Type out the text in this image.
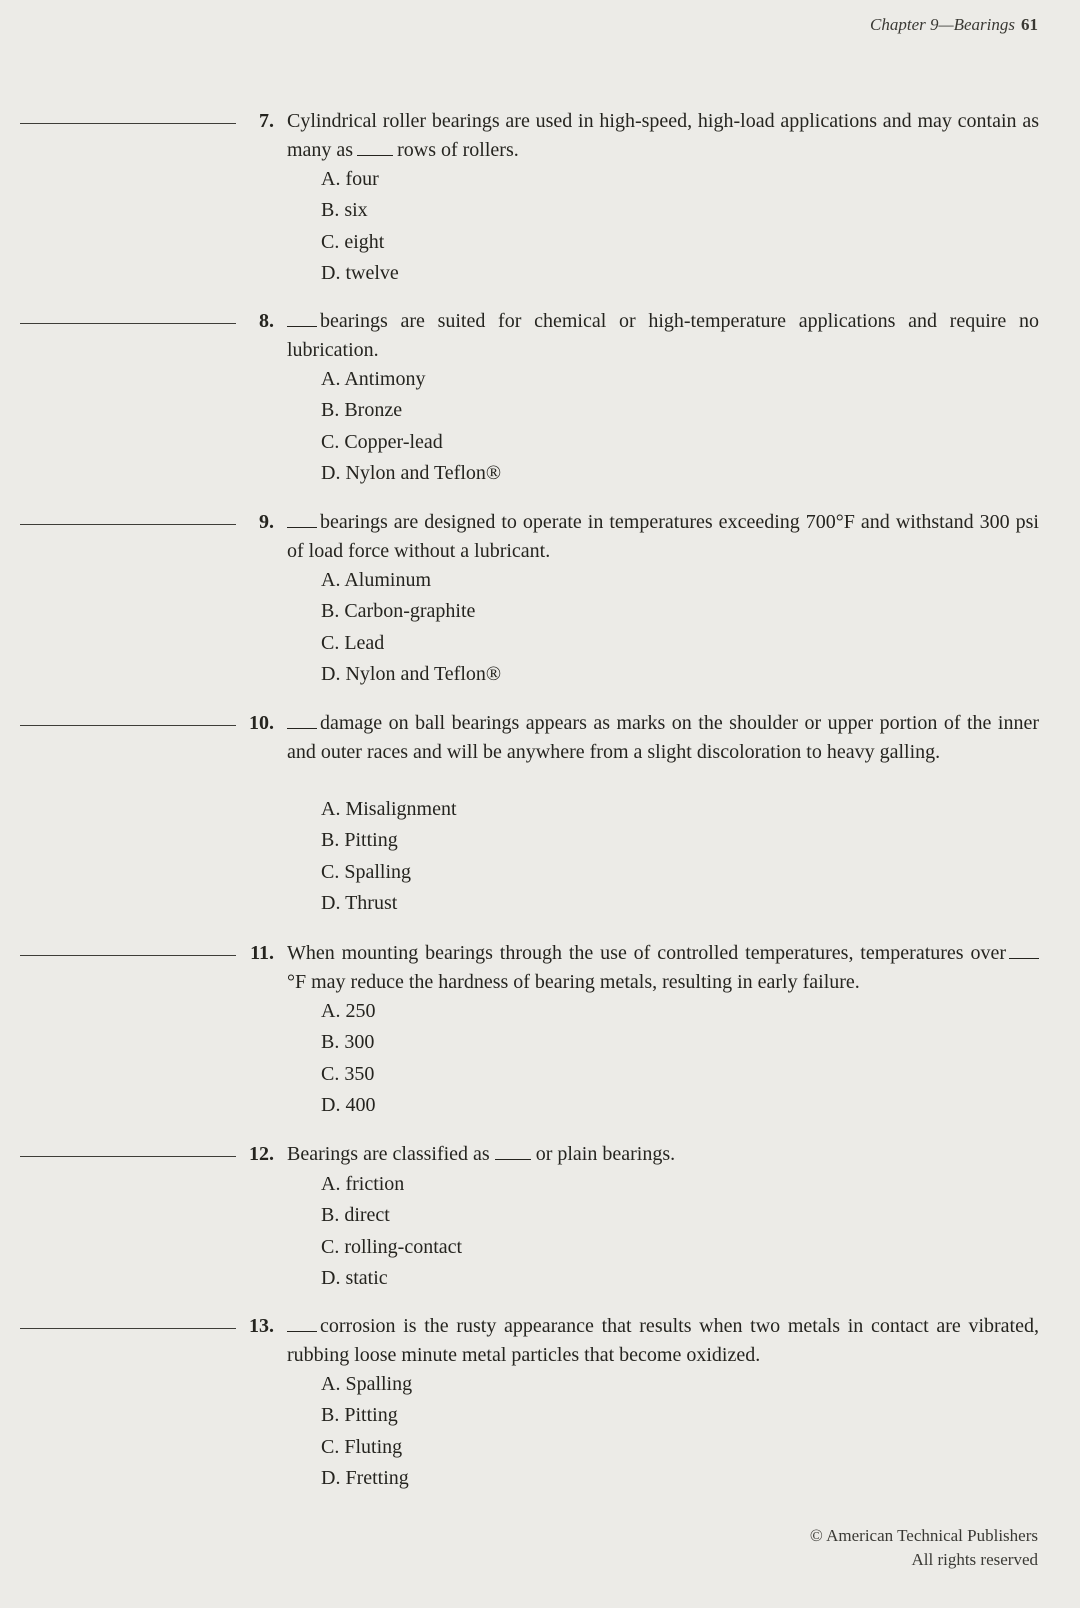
Chapter 9—Bearings 61
7. Cylindrical roller bearings are used in high-speed, high-load applications and may contain as many as rows of rollers.
A. four
B. six
C. eight
D. twelve
8.	bearings are suited for chemical or high-temperature applications and require no lubrication.
A. Antimony
B. Bronze
C. Copper-lead
D. Nylon and Teflon®
9.	bearings are designed to operate in temperatures exceeding 700°F and withstand 300 psi of load force without a lubricant.
A. Aluminum
B. Carbon-graphite
C. Lead
D. Nylon and Teflon®
10.	damage on ball bearings appears as marks on the shoulder or upper portion of the inner and outer races and will be anywhere from a slight discoloration to heavy galling.
A. Misalignment
B. Pitting
C. Spalling
D. Thrust
11. When mounting bearings through the use of controlled temperatures, temperatures over°F may reduce the hardness of bearing metals, resulting in early failure.
A. 250
B. 300
C. 350
D. 400
12. Bearings are classified as or plain bearings.
A. friction
B. direct
C. rolling-contact
D. static
13.	corrosion is the rusty appearance that results when two metals in contact are vibrated, rubbing loose minute metal particles that become oxidized.
A. Spalling
B. Pitting
C. Fluting
D. Fretting
© American Technical Publishers
All rights reserved
